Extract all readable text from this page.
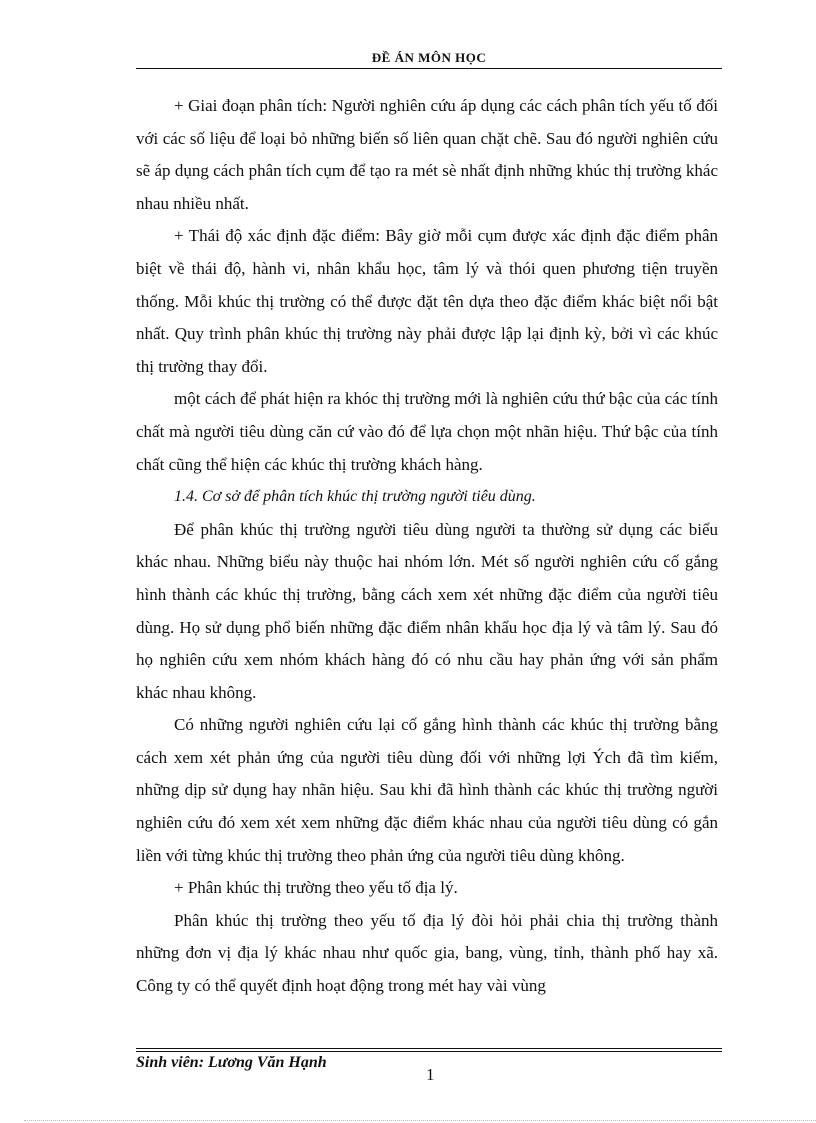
ĐỀ ÁN MÔN HỌC

+ Giai đoạn phân tích: Người nghiên cứu áp dụng các cách phân tích yếu tố đối với các số liệu để loại bỏ những biến số liên quan chặt chẽ. Sau đó người nghiên cứu sẽ áp dụng cách phân tích cụm để tạo ra mét sè nhất định những khúc thị trường khác nhau nhiều nhất.

+ Thái độ xác định đặc điểm: Bây giờ mỗi cụm được xác định đặc điểm phân biệt về thái độ, hành vi, nhân khẩu học, tâm lý và thói quen phương tiện truyền thống. Mỗi khúc thị trường có thể được đặt tên dựa theo đặc điểm khác biệt nổi bật nhất. Quy trình phân khúc thị trường này phải được lập lại định kỳ, bởi vì các khúc thị trường thay đổi.

một cách để phát hiện ra khóc thị trường mới là nghiên cứu thứ bậc của các tính chất mà người tiêu dùng căn cứ vào đó để lựa chọn một nhãn hiệu. Thứ bậc của tính chất cũng thể hiện các khúc thị trường khách hàng.

1.4. Cơ sở để phân tích khúc thị trường người tiêu dùng.

Để phân khúc thị trường người tiêu dùng người ta thường sử dụng các biểu khác nhau. Những biểu này thuộc hai nhóm lớn. Mét số người nghiên cứu cố gắng hình thành các khúc thị trường, bằng cách xem xét những đặc điểm của người tiêu dùng. Họ sử dụng phổ biến những đặc điểm nhân khẩu học địa lý và tâm lý. Sau đó họ nghiên cứu xem nhóm khách hàng đó có nhu cầu hay phản ứng với sản phẩm khác nhau không.

Có những người nghiên cứu lại cố gắng hình thành các khúc thị trường bằng cách xem xét phản ứng của người tiêu dùng đối với những lợi Ých đã tìm kiếm, những dịp sử dụng hay nhãn hiệu. Sau khi đã hình thành các khúc thị trường người nghiên cứu đó xem xét xem những đặc điểm khác nhau của người tiêu dùng có gắn liền với từng khúc thị trường theo phản ứng của người tiêu dùng không.

+ Phân khúc thị trường theo yếu tố địa lý.

Phân khúc thị trường theo yếu tố địa lý đòi hỏi phải chia thị trường thành những đơn vị địa lý khác nhau như quốc gia, bang, vùng, tỉnh, thành phố hay xã. Công ty có thể quyết định hoạt động trong mét hay vài vùng

Sinh viên: Lương Văn Hạnh
1
